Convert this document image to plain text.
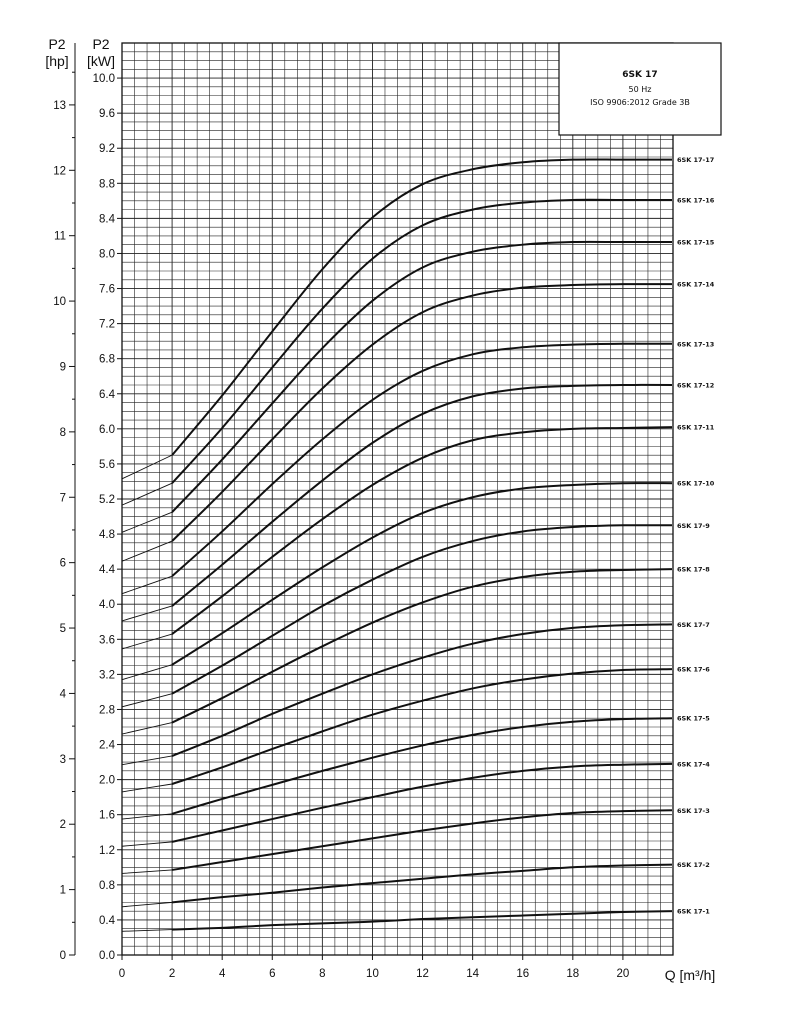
6SK 17-1
6SK 17-2
6SK 17-3
6SK 17-4
6SK 17-5
6SK 17-6
6SK 17-7
6SK 17-8
6SK 17-9
6SK 17-10
6SK 17-11
6SK 17-12
6SK 17-13
6SK 17-14
6SK 17-15
6SK 17-16
6SK 17-17
0.0
0.4
0.8
1.2
1.6
2.0
2.4
2.8
3.2
3.6
4.0
4.4
4.8
5.2
5.6
6.0
6.4
6.8
7.2
7.6
8.0
8.4
8.8
9.2
9.6
10.0
0
1
2
3
4
5
6
7
8
9
10
11
12
13
0	2	4	6	8	10	12	14	16	18	20
P2
[hp]
P2
[kW]
Q [m³/h]
6SK 17
50 Hz
ISO 9906:2012 Grade 3B
